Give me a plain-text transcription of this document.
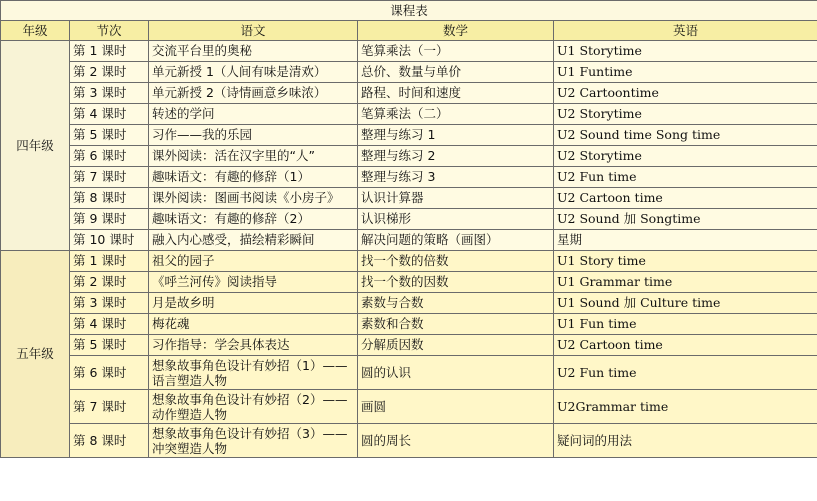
课程表				
年级	节次	语文	数学	英语
四年级	第 1 课时	交流平台里的奥秘	笔算乘法（一）	U1 Storytime
	第 2 课时	单元新授 1（人间有味是清欢）	总价、数量与单价	U1 Funtime
	第 3 课时	单元新授 2（诗情画意乡味浓）	路程、时间和速度	U2 Cartoontime
	第 4 课时	转述的学问	笔算乘法（二）	U2 Storytime
	第 5 课时	习作——我的乐园	整理与练习 1	U2 Sound time Song time
	第 6 课时	课外阅读：活在汉字里的“人”	整理与练习 2	U2 Storytime
	第 7 课时	趣味语文：有趣的修辞（1）	整理与练习 3	U2 Fun time
	第 8 课时	课外阅读：图画书阅读《小房子》	认识计算器	U2 Cartoon time
	第 9 课时	趣味语文：有趣的修辞（2）	认识梯形	U2 Sound 加 Songtime
	第 10 课时	融入内心感受，描绘精彩瞬间	解决问题的策略（画图）	星期
五年级	第 1 课时	祖父的园子	找一个数的倍数	U1 Story time
	第 2 课时	《呼兰河传》阅读指导	找一个数的因数	U1 Grammar time
	第 3 课时	月是故乡明	素数与合数	U1 Sound 加 Culture time
	第 4 课时	梅花魂	素数和合数	U1 Fun time
	第 5 课时	习作指导：学会具体表达	分解质因数	U2 Cartoon time
	第 6 课时	想象故事角色设计有妙招（1）——语言塑造人物	圆的认识	U2 Fun time
	第 7 课时	想象故事角色设计有妙招（2）——动作塑造人物	画圆	U2Grammar time
	第 8 课时	想象故事角色设计有妙招（3）——冲突塑造人物	圆的周长	疑问词的用法
